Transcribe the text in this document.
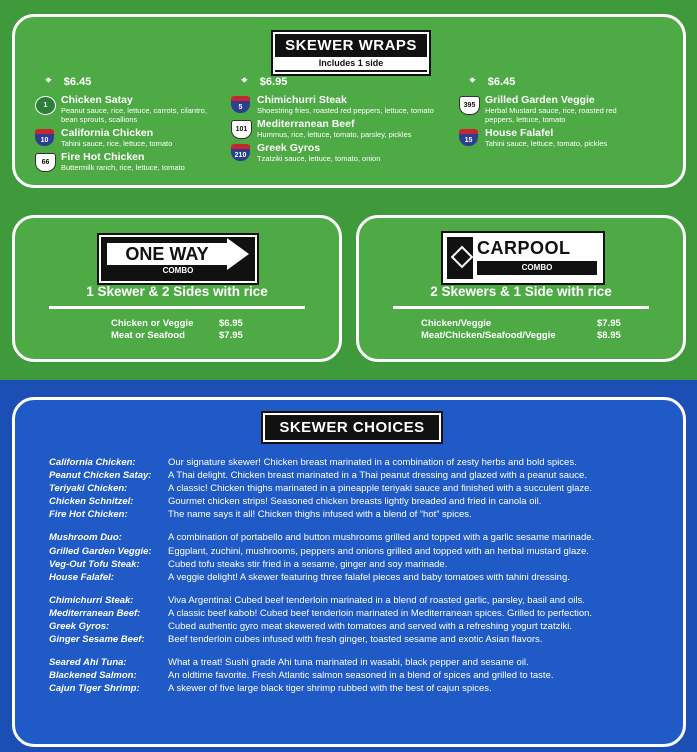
SKEWER WRAPS
Includes 1 side
🠻 $6.45
1	Chicken Satay
Peanut sauce, rice, lettuce, carrots, cilantro, bean sprouts, scallions
10
California Chicken
Tahini sauce, rice, lettuce, tomato
66	Fire Hot Chicken
Buttermilk ranch, rice, lettuce, tomato
🠻 $6.95
5
Chimichurri Steak
Shoestring fries, roasted red peppers, lettuce, tomato
101 Mediterranean Beef
Hummus, rice, lettuce, tomato, parsley, pickles
210
Greek Gyros
Tzatziki sauce, lettuce, tomato, onion
🠻 $6.45
395 Grilled Garden Veggie
Herbal Mustard sauce, rice, roasted red peppers, lettuce, tomato
15
House Falafel
Tahini sauce, lettuce, tomato, pickles
ONE WAY
COMBO
1 Skewer & 2 Sides with rice
Chicken or Veggie	$6.95
Meat or Seafood	$7.95
CARPOOL
COMBO
2 Skewers & 1 Side with rice
Chicken/Veggie	$7.95
Meat/Chicken/Seafood/Veggie	$8.95
SKEWER CHOICES
California Chicken:	Our signature skewer! Chicken breast marinated in a combination of zesty herbs and bold spices.
Peanut Chicken Satay:	A Thai delight. Chicken breast marinated in a Thai peanut dressing and glazed with a peanut sauce.
Teriyaki Chicken:	A classic! Chicken thighs marinated in a pineapple teriyaki sauce and finished with a succulent glaze.
Chicken Schnitzel:	Gourmet chicken strips! Seasoned chicken breasts lightly breaded and fried in canola oil.
Fire Hot Chicken:	The name says it all! Chicken thighs infused with a blend of “hot” spices.
Mushroom Duo:	A combination of portabello and button mushrooms grilled and topped with a garlic sesame marinade.
Grilled Garden Veggie:	Eggplant, zuchini, mushrooms, peppers and onions grilled and topped with an herbal mustard glaze.
Veg-Out Tofu Steak:	Cubed tofu steaks stir fried in a sesame, ginger and soy marinade.
House Falafel:	A veggie delight! A skewer featuring three falafel pieces and baby tomatoes with tahini dressing.
Chimichurri Steak:	Viva Argentina! Cubed beef tenderloin marinated in a blend of roasted garlic, parsley, basil and oils.
Mediterranean Beef:	A classic beef kabob! Cubed beef tenderloin marinated in Mediterranean spices. Grilled to perfection.
Greek Gyros:	Cubed authentic gyro meat skewered with tomatoes and served with a refreshing yogurt tzatziki.
Ginger Sesame Beef:	Beef tenderloin cubes infused with fresh ginger, toasted sesame and exotic Asian flavors.
Seared Ahi Tuna:	What a treat! Sushi grade Ahi tuna marinated in wasabi, black pepper and sesame oil.
Blackened Salmon:	An oldtime favorite. Fresh Atlantic salmon seasoned in a blend of spices and grilled to taste.
Cajun Tiger Shrimp:	A skewer of five large black tiger shrimp rubbed with the best of cajun spices.
